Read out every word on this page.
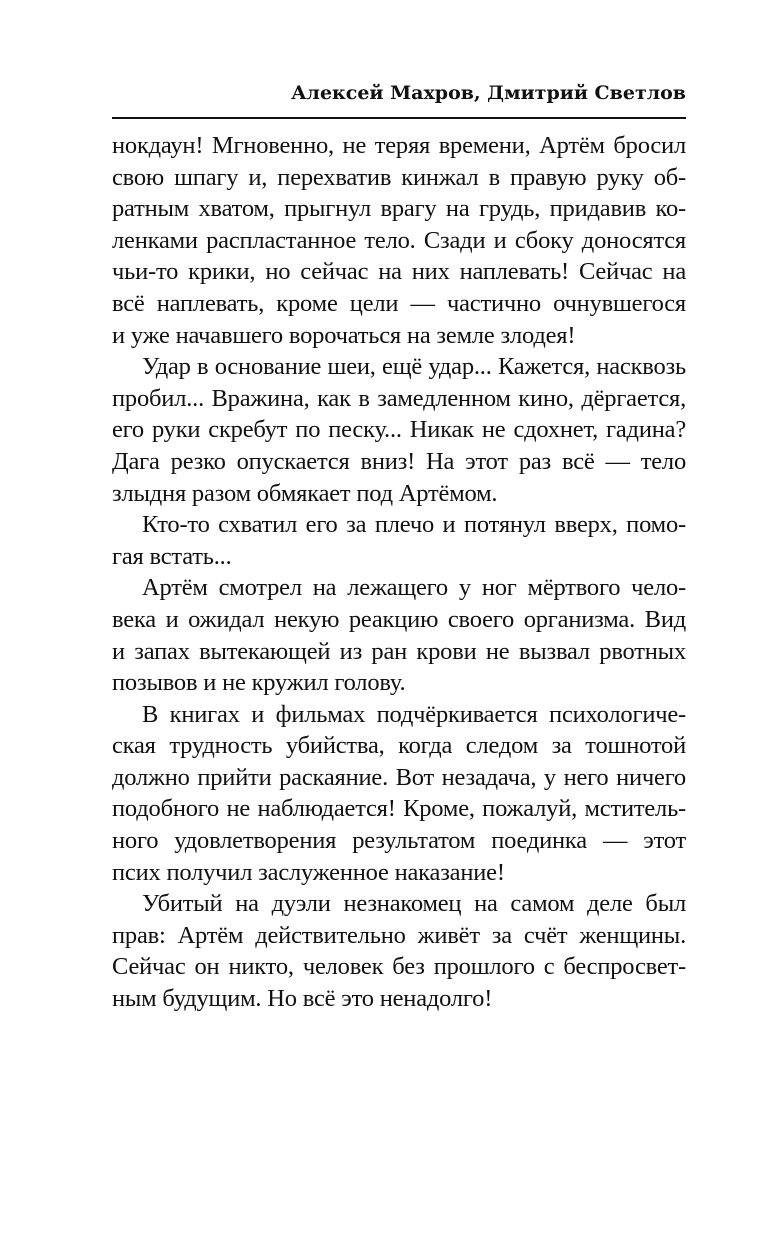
Алексей Махров, Дмитрий Светлов
нокдаун! Мгновенно, не теряя времени, Артём бросил
свою шпагу и, перехватив кинжал в правую руку об-
ратным хватом, прыгнул врагу на грудь, придавив ко-
ленками распластанное тело. Сзади и сбоку доносятся
чьи-то крики, но сейчас на них наплевать! Сейчас на
всё наплевать, кроме цели — частично очнувшегося
и уже начавшего ворочаться на земле злодея!
Удар в основание шеи, ещё удар... Кажется, насквозь
пробил... Вражина, как в замедленном кино, дёргается,
его руки скребут по песку... Никак не сдохнет, гадина?
Дага резко опускается вниз! На этот раз всё — тело
злыдня разом обмякает под Артёмом.
Кто-то схватил его за плечо и потянул вверх, помо-
гая встать...
Артём смотрел на лежащего у ног мёртвого чело-
века и ожидал некую реакцию своего организма. Вид
и запах вытекающей из ран крови не вызвал рвотных
позывов и не кружил голову.
В книгах и фильмах подчёркивается психологиче-
ская трудность убийства, когда следом за тошнотой
должно прийти раскаяние. Вот незадача, у него ничего
подобного не наблюдается! Кроме, пожалуй, мститель-
ного удовлетворения результатом поединка — этот
псих получил заслуженное наказание!
Убитый на дуэли незнакомец на самом деле был
прав: Артём действительно живёт за счёт женщины.
Сейчас он никто, человек без прошлого с беспросвет-
ным будущим. Но всё это ненадолго!
